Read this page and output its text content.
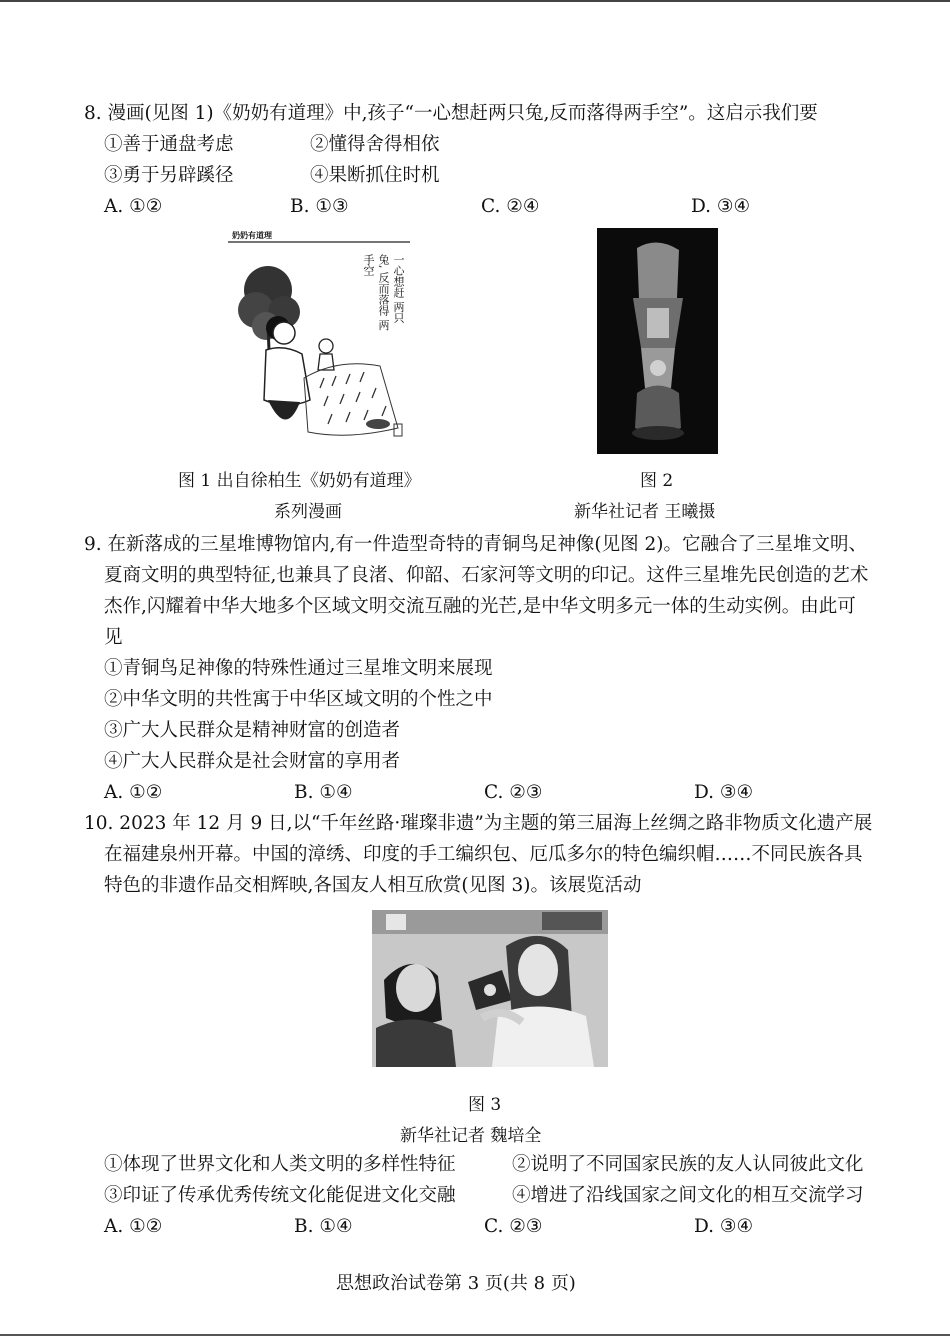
8. 漫画(见图 1)《奶奶有道理》中,孩子“一心想赶两只兔,反而落得两手空”。这启示我们要
①善于通盘考虑	②懂得舍得相依
③勇于另辟蹊径	④果断抓住时机
A. ①②	B. ①③	C. ②④	D. ③④
奶奶有道理
一心想赶 两只兔, 反而落得 两手空
图 1 出自徐柏生《奶奶有道理》
系列漫画
图 2
新华社记者 王曦摄
9. 在新落成的三星堆博物馆内,有一件造型奇特的青铜鸟足神像(见图 2)。它融合了三星堆文明、
夏商文明的典型特征,也兼具了良渚、仰韶、石家河等文明的印记。这件三星堆先民创造的艺术
杰作,闪耀着中华大地多个区域文明交流互融的光芒,是中华文明多元一体的生动实例。由此可
见
①青铜鸟足神像的特殊性通过三星堆文明来展现
②中华文明的共性寓于中华区域文明的个性之中
③广大人民群众是精神财富的创造者
④广大人民群众是社会财富的享用者
A. ①②	B. ①④	C. ②③	D. ③④
10. 2023 年 12 月 9 日,以“千年丝路·璀璨非遗”为主题的第三届海上丝绸之路非物质文化遗产展
在福建泉州开幕。中国的漳绣、印度的手工编织包、厄瓜多尔的特色编织帽……不同民族各具
特色的非遗作品交相辉映,各国友人相互欣赏(见图 3)。该展览活动
图 3
新华社记者 魏培全
①体现了世界文化和人类文明的多样性特征	②说明了不同国家民族的友人认同彼此文化
③印证了传承优秀传统文化能促进文化交融	④增进了沿线国家之间文化的相互交流学习
A. ①②	B. ①④	C. ②③	D. ③④
思想政治试卷第 3 页(共 8 页)
